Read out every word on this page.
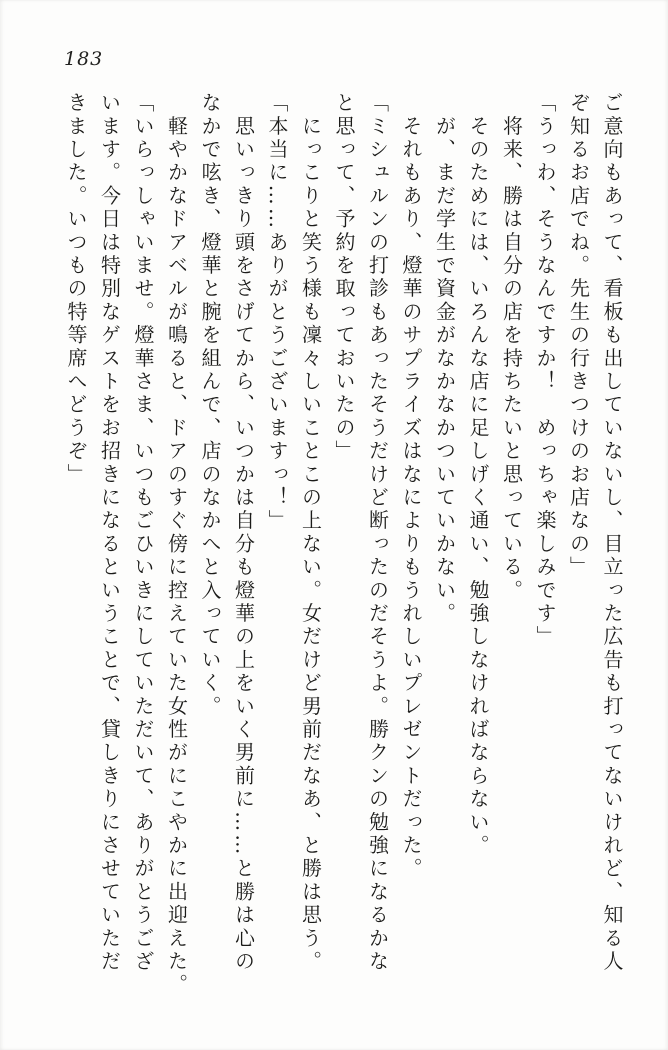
183

ご意向もあって、看板も出していないし、目立った広告も打ってないけれど、知る人

ぞ知るお店でね。先生の行きつけのお店なの」

「うっわ、そうなんですか！　めっちゃ楽しみです」

　将来、勝は自分の店を持ちたいと思っている。

　そのためには、いろんな店に足しげく通い、勉強しなければならない。

　が、まだ学生で資金がなかなかついていかない。

　それもあり、燈華のサプライズはなによりもうれしいプレゼントだった。

「ミシュルンの打診もあったそうだけど断ったのだそうよ。勝クンの勉強になるかな

と思って、予約を取っておいたの」

　にっこりと笑う様も凜々しいことこの上ない。女だけど男前だなあ、と勝は思う。

「本当に……ありがとうございますっ！」

　思いっきり頭をさげてから、いつかは自分も燈華の上をいく男前に……と勝は心の

なかで呟き、燈華と腕を組んで、店のなかへと入っていく。

　軽やかなドアベルが鳴ると、ドアのすぐ傍に控えていた女性がにこやかに出迎えた。

「いらっしゃいませ。燈華さま、いつもごひいきにしていただいて、ありがとうござ

います。今日は特別なゲストをお招きになるということで、貸しきりにさせていただ

きました。いつもの特等席へどうぞ」
